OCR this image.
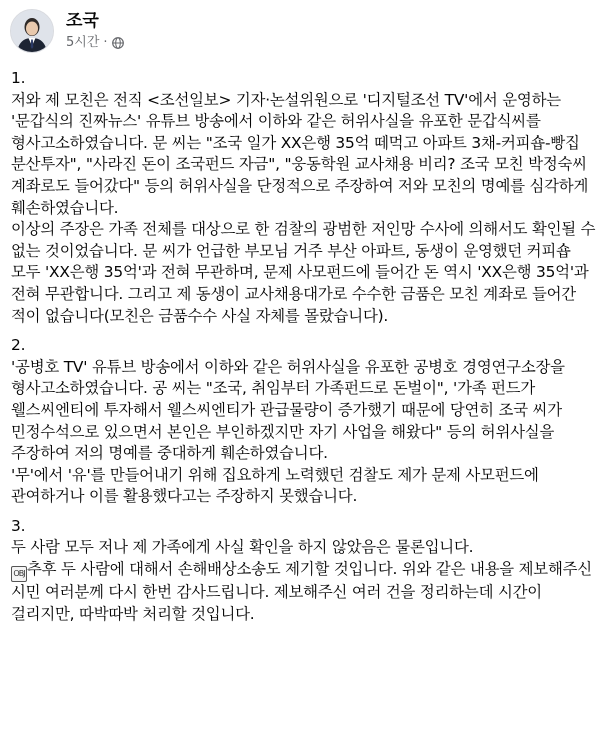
조국
5시간 ·

1.

저와 제 모친은 전직 <조선일보> 기자·논설위원으로 '디지털조선 TV'에서 운영하는 '문갑식의 진짜뉴스' 유튜브 방송에서 이하와 같은 허위사실을 유포한 문갑식씨를 형사고소하였습니다. 문 씨는 "조국 일가 XX은행 35억 떼먹고 아파트 3채-커피숍-빵집 분산투자", "사라진 돈이 조국펀드 자금", "웅동학원 교사채용 비리? 조국 모친 박정숙씨 계좌로도 들어갔다" 등의 허위사실을 단정적으로 주장하여 저와 모친의 명예를 심각하게 훼손하였습니다.

이상의 주장은 가족 전체를 대상으로 한 검찰의 광범한 저인망 수사에 의해서도 확인될 수 없는 것이었습니다. 문 씨가 언급한 부모님 거주 부산 아파트, 동생이 운영했던 커피숍 모두 'XX은행 35억'과 전혀 무관하며, 문제 사모펀드에 들어간 돈 역시 'XX은행 35억'과 전혀 무관합니다. 그리고 제 동생이 교사채용대가로 수수한 금품은 모친 계좌로 들어간 적이 없습니다(모친은 금품수수 사실 자체를 몰랐습니다).

2.

'공병호 TV' 유튜브 방송에서 이하와 같은 허위사실을 유포한 공병호 경영연구소장을 형사고소하였습니다. 공 씨는 "조국, 취임부터 가족펀드로 돈벌이", '가족 펀드가 웰스씨엔티에 투자해서 웰스씨엔티가 관급물량이 증가했기 때문에 당연히 조국 씨가 민정수석으로 있으면서 본인은 부인하겠지만 자기 사업을 해왔다" 등의 허위사실을 주장하여 저의 명예를 중대하게 훼손하였습니다.

'무'에서 '유'를 만들어내기 위해 집요하게 노력했던 검찰도 제가 문제 사모펀드에 관여하거나 이를 활용했다고는 주장하지 못했습니다.

3.

두 사람 모두 저나 제 가족에게 사실 확인을 하지 않았음은 물론입니다.

OBJ 추후 두 사람에 대해서 손해배상소송도 제기할 것입니다. 위와 같은 내용을 제보해주신 시민 여러분께 다시 한번 감사드립니다. 제보해주신 여러 건을 정리하는데 시간이 걸리지만, 따박따박 처리할 것입니다.
